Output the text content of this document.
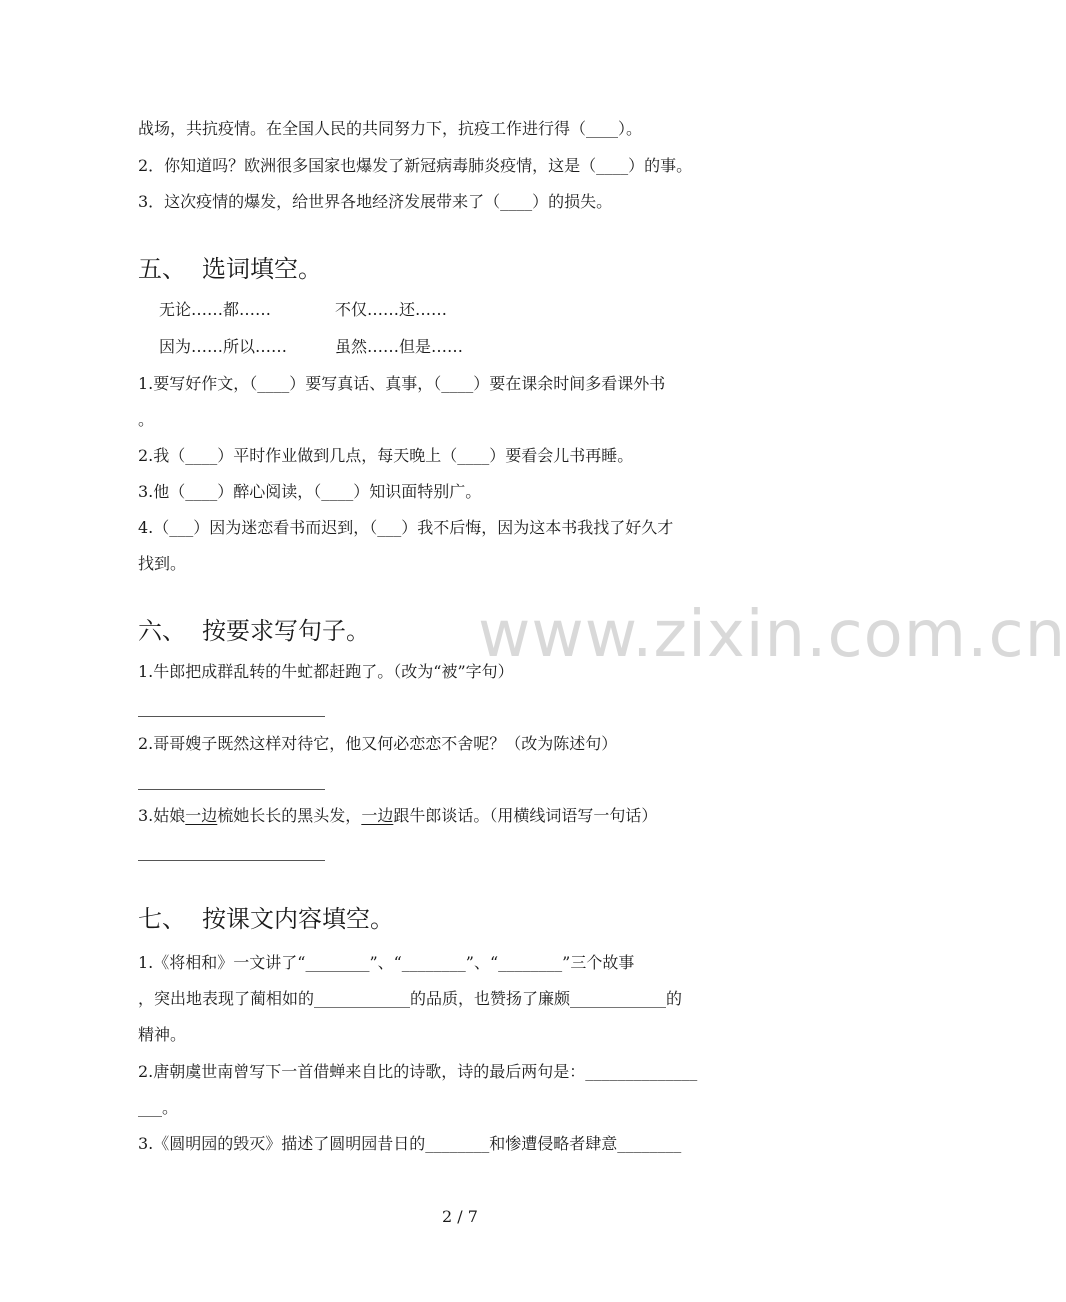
战场，共抗疫情。在全国人民的共同努力下，抗疫工作进行得（____）。
2．你知道吗？欧洲很多国家也爆发了新冠病毒肺炎疫情，这是（____）的事。
3．这次疫情的爆发，给世界各地经济发展带来了（____）的损失。
五、 选词填空。
无论……都……	不仅……还……
因为……所以……	虽然……但是……
1.要写好作文，（____）要写真话、真事，（____）要在课余时间多看课外书
。
2.我（____）平时作业做到几点，每天晚上（____）要看会儿书再睡。
3.他（____）醉心阅读，（____）知识面特别广。
4.（___）因为迷恋看书而迟到，（___）我不后悔，因为这本书我找了好久才
找到。
www.zixin.com.cn
六、 按要求写句子。
1.牛郎把成群乱转的牛虻都赶跑了。（改为“被”字句）
2.哥哥嫂子既然这样对待它，他又何必恋恋不舍呢？（改为陈述句）
3.姑娘一边梳她长长的黑头发，一边跟牛郎谈话。（用横线词语写一句话）
七、 按课文内容填空。
1.《将相和》一文讲了“________”、“________”、“________”三个故事
，突出地表现了蔺相如的____________的品质，也赞扬了廉颇____________的
精神。
2.唐朝虞世南曾写下一首借蝉来自比的诗歌，诗的最后两句是：______________
___。
3.《圆明园的毁灭》描述了圆明园昔日的________和惨遭侵略者肆意________
2 / 7
